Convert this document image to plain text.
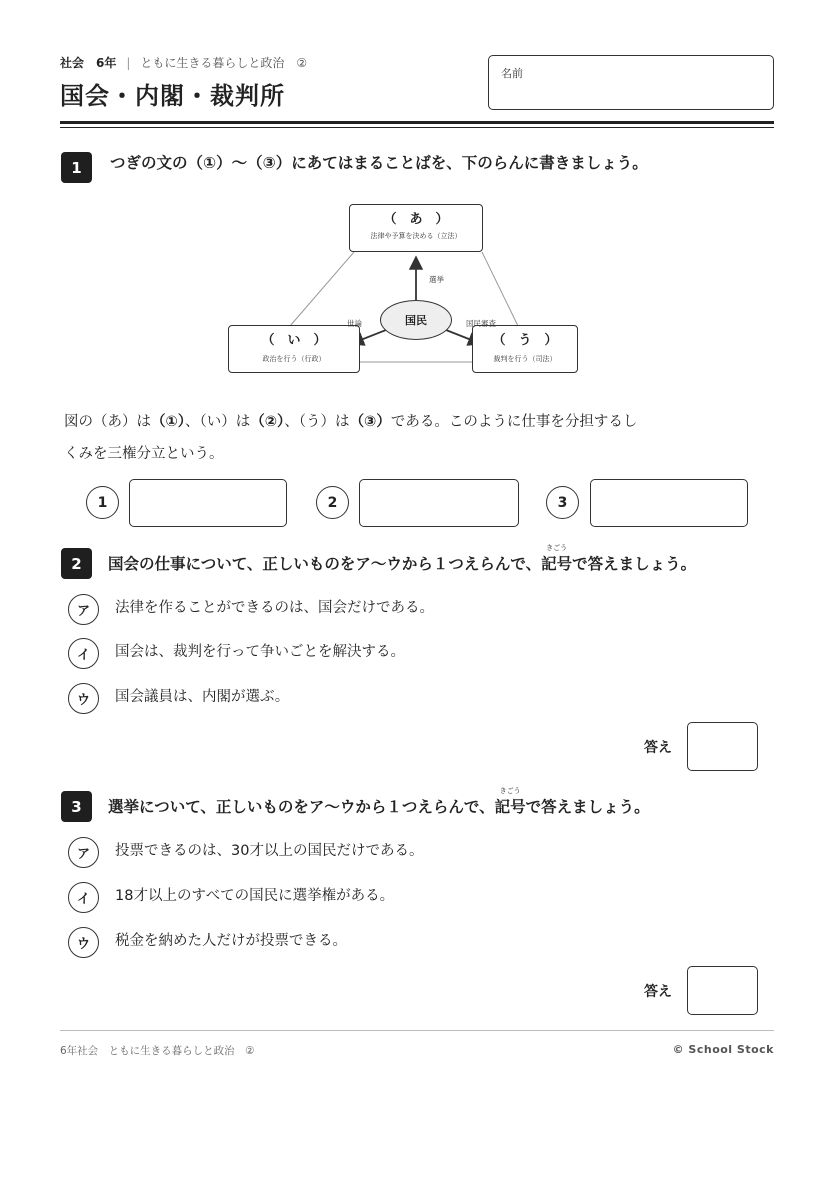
社会　6年 | ともに生きる暮らしと政治　②
国会・内閣・裁判所
名前
1	つぎの文の（①）～（③）にあてはまることばを、下のらんに書きましょう。
（　あ　）
法律や予算を決める（立法）
（　い　）
政治を行う（行政）
（　う　）
裁判を行う（司法）
国民
選挙
世論	国民審査
図の（あ）は（①）、（い）は（②）、（う）は（③）である。このように仕事を分担するし
くみを三権分立という。
1	2	3
2	国会の仕事について、正しいものをア～ウから１つえらんで、
きごう
記号で答えましょう。
ア	法律を作ることができるのは、国会だけである。
イ	国会は、裁判を行って争いごとを解決する。
ウ	国会議員は、内閣が選ぶ。
答え
3	選挙について、正しいものをア～ウから１つえらんで、
きごう
記号で答えましょう。
ア	投票できるのは、30才以上の国民だけである。
イ	18才以上のすべての国民に選挙権がある。
ウ	税金を納めた人だけが投票できる。
答え
6年社会　ともに生きる暮らしと政治　②	© School Stock
